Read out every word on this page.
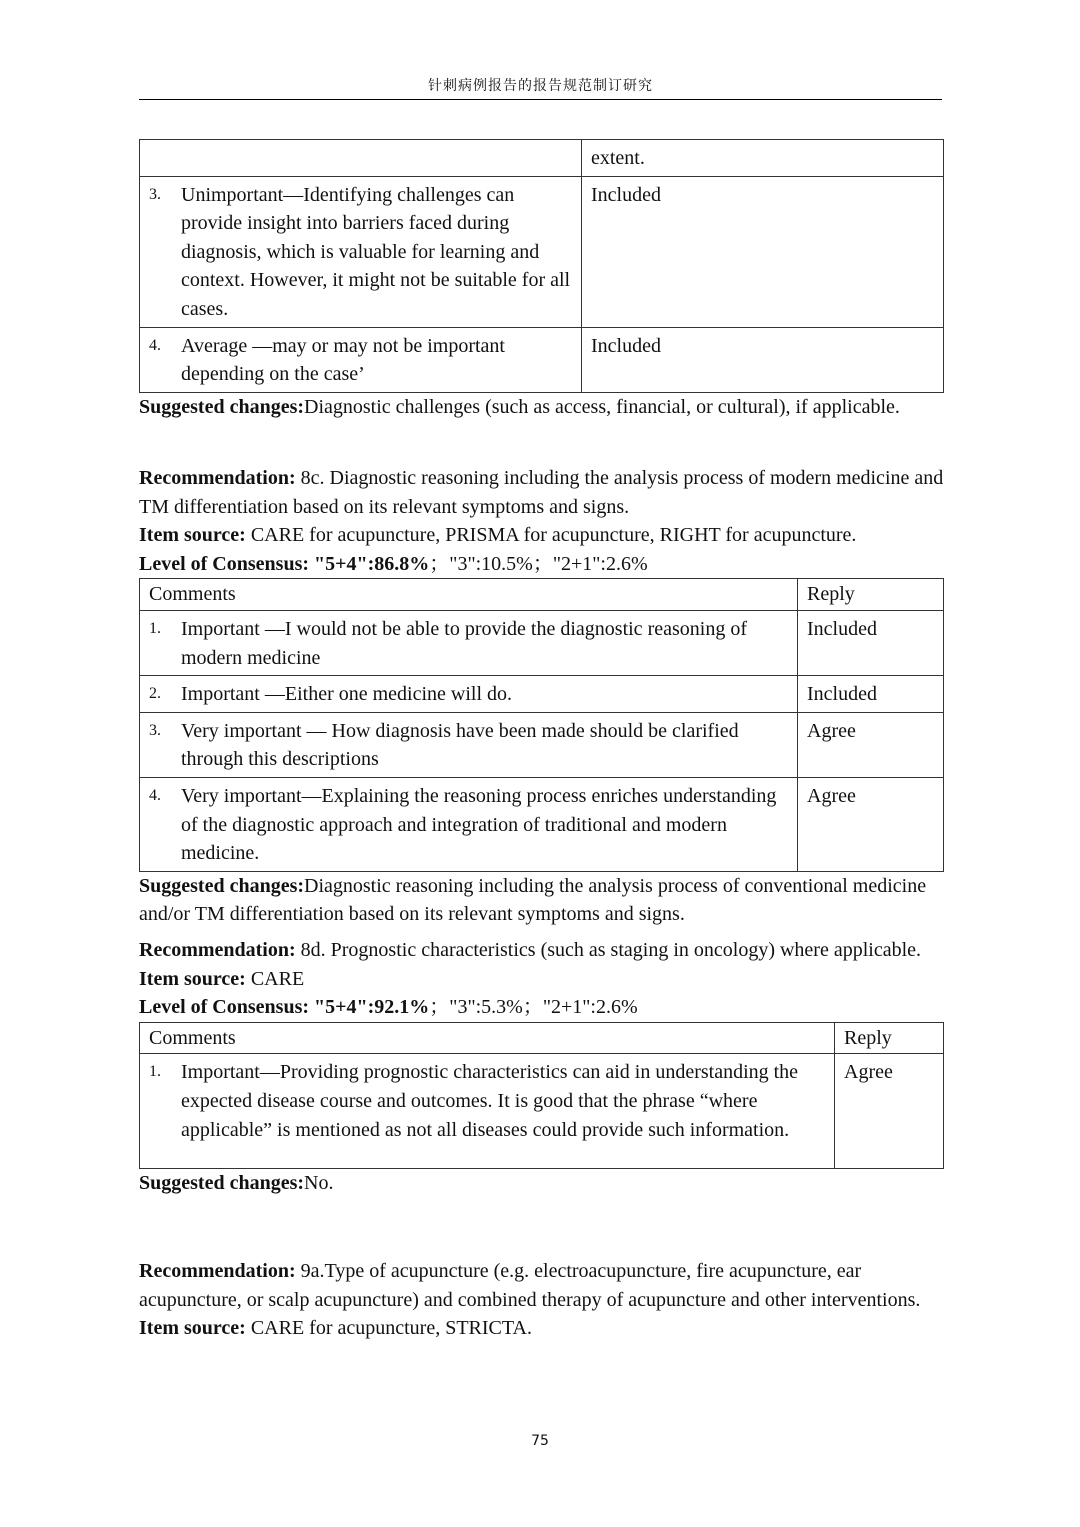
针刺病例报告的报告规范制订研究
	extent.

3. Unimportant—Identifying challenges can provide insight into barriers faced during diagnosis, which is valuable for learning and context. However, it might not be suitable for all cases.	Included

4. Average —may or may not be important depending on the case’	Included
Suggested changes:Diagnostic challenges (such as access, financial, or cultural), if applicable.
Recommendation: 8c. Diagnostic reasoning including the analysis process of modern medicine and TM differentiation based on its relevant symptoms and signs.
Item source: CARE for acupuncture, PRISMA for acupuncture, RIGHT for acupuncture.
Level of Consensus: "5+4":86.8%；"3":10.5%；"2+1":2.6%
Comments	Reply

1. Important —I would not be able to provide the diagnostic reasoning of modern medicine	Included

2. Important —Either one medicine will do.	Included

3. Very important — How diagnosis have been made should be clarified through this descriptions	Agree

4. Very important—Explaining the reasoning process enriches understanding of the diagnostic approach and integration of traditional and modern medicine.	Agree
Suggested changes:Diagnostic reasoning including the analysis process of conventional medicine and/or TM differentiation based on its relevant symptoms and signs.
Recommendation: 8d. Prognostic characteristics (such as staging in oncology) where applicable.
Item source: CARE
Level of Consensus: "5+4":92.1%；"3":5.3%；"2+1":2.6%
Comments	Reply

1. Important—Providing prognostic characteristics can aid in understanding the expected disease course and outcomes. It is good that the phrase “where applicable” is mentioned as not all diseases could provide such information.	Agree
Suggested changes:No.
Recommendation: 9a.Type of acupuncture (e.g. electroacupuncture, fire acupuncture, ear acupuncture, or scalp acupuncture) and combined therapy of acupuncture and other interventions.
Item source: CARE for acupuncture, STRICTA.
75
